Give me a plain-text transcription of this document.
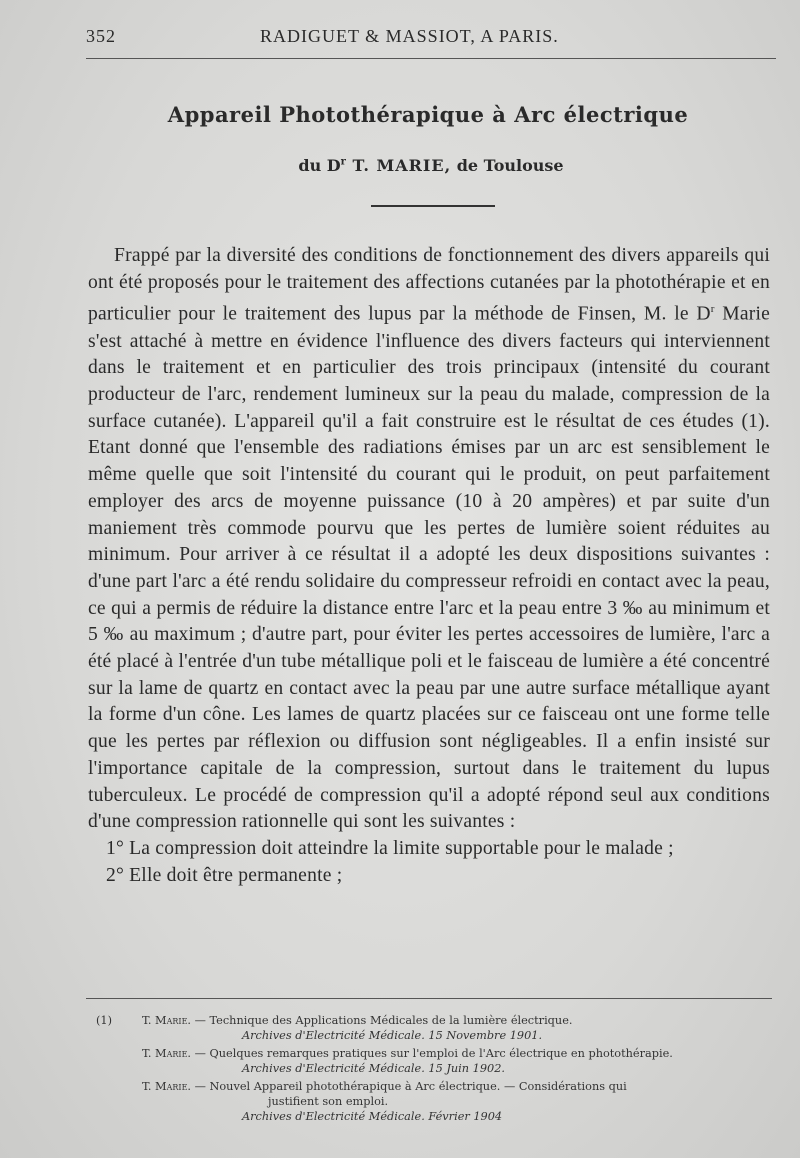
352	RADIGUET & MASSIOT, A PARIS.
Appareil Photothérapique à Arc électrique
du $D^r$ T. MARIE, de Toulouse

Frappé par la diversité des conditions de fonctionnement des divers appareils qui ont été proposés pour le traitement des affections cutanées par la photothérapie et en particulier pour le traitement des lupus par la méthode de Finsen, M. le $D^r$ Marie s'est attaché à mettre en évidence l'influence des divers facteurs qui interviennent dans le traitement et en particulier des trois principaux (intensité du courant producteur de l'arc, rendement lumineux sur la peau du malade, compression de la surface cutanée). L'appareil qu'il a fait construire est le résultat de ces études (1). Etant donné que l'ensemble des radiations émises par un arc est sensiblement le même quelle que soit l'intensité du courant qui le produit, on peut parfaitement employer des arcs de moyenne puissance (10 à 20 ampères) et par suite d'un maniement très commode pourvu que les pertes de lumière soient réduites au minimum. Pour arriver à ce résultat il a adopté les deux dispositions suivantes : d'une part l'arc a été rendu solidaire du compresseur refroidi en contact avec la peau, ce qui a permis de réduire la distance entre l'arc et la peau entre 3 ‰ au minimum et 5 ‰ au maximum ; d'autre part, pour éviter les pertes accessoires de lumière, l'arc a été placé à l'entrée d'un tube métallique poli et le faisceau de lumière a été concentré sur la lame de quartz en contact avec la peau par une autre surface métallique ayant la forme d'un cône. Les lames de quartz placées sur ce faisceau ont une forme telle que les pertes par réflexion ou diffusion sont négligeables. Il a enfin insisté sur l'importance capitale de la compression, surtout dans le traitement du lupus tuberculeux. Le procédé de compression qu'il a adopté répond seul aux conditions d'une compression rationnelle qui sont les suivantes :

1° La compression doit atteindre la limite supportable pour le malade ;
2° Elle doit être permanente ;
(1)	T. Marie. — Technique des Applications Médicales de la lumière électrique.
Archives d'Electricité Médicale. 15 Novembre 1901.
T. Marie. — Quelques remarques pratiques sur l'emploi de l'Arc électrique en photothérapie.
Archives d'Electricité Médicale. 15 Juin 1902.
T. Marie. — Nouvel Appareil photothérapique à Arc électrique. — Considérations qui
justifient son emploi.
Archives d'Electricité Médicale. Février 1904
